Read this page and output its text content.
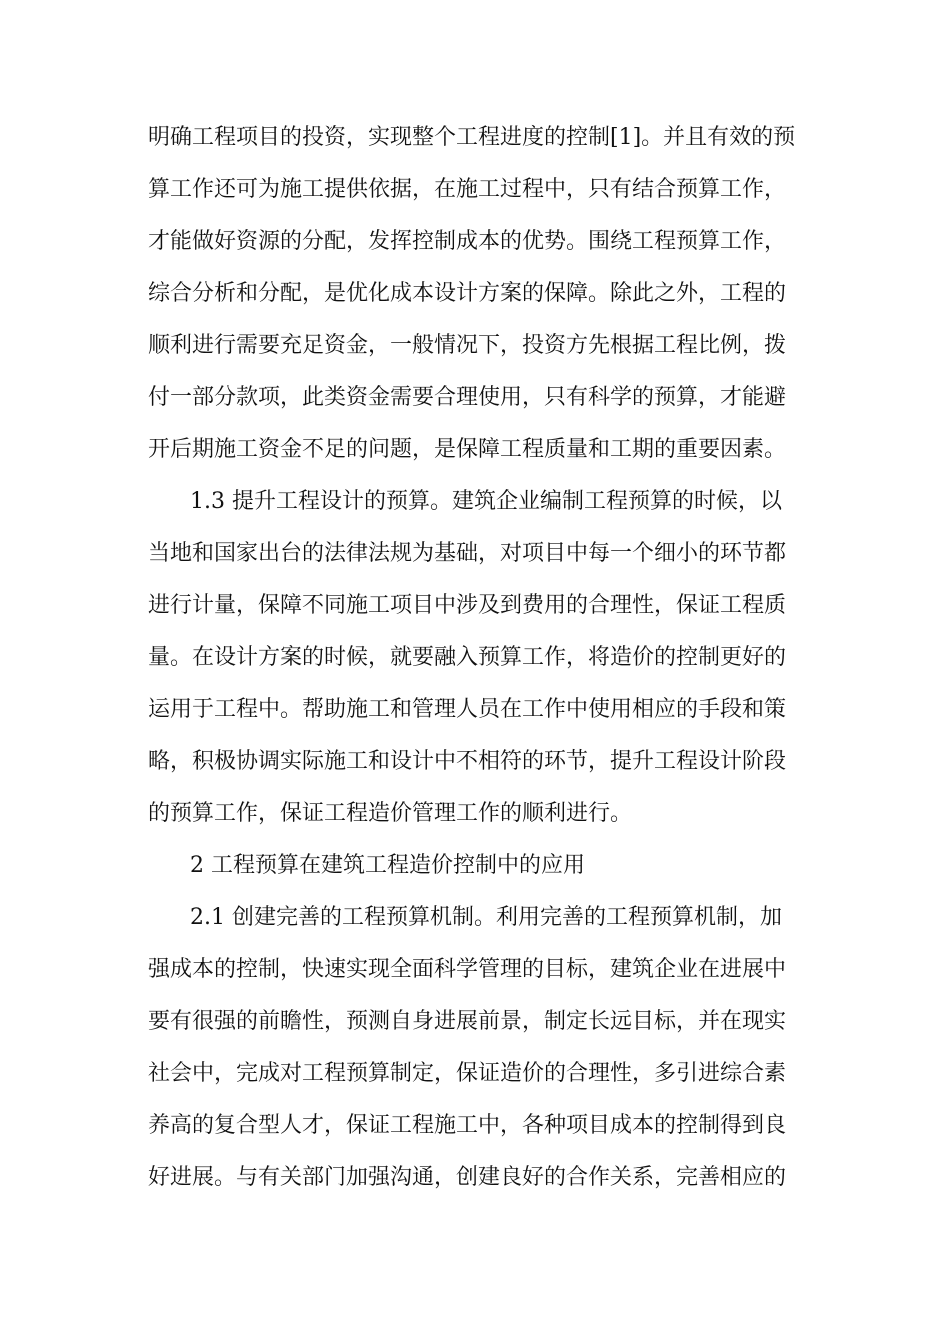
明确工程项目的投资，实现整个工程进度的控制[1]。并且有效的预
算工作还可为施工提供依据，在施工过程中，只有结合预算工作，
才能做好资源的分配，发挥控制成本的优势。围绕工程预算工作，
综合分析和分配，是优化成本设计方案的保障。除此之外，工程的
顺利进行需要充足资金，一般情况下，投资方先根据工程比例，拨
付一部分款项，此类资金需要合理使用，只有科学的预算，才能避
开后期施工资金不足的问题，是保障工程质量和工期的重要因素。
1.3 提升工程设计的预算。建筑企业编制工程预算的时候，以
当地和国家出台的法律法规为基础，对项目中每一个细小的环节都
进行计量，保障不同施工项目中涉及到费用的合理性，保证工程质
量。在设计方案的时候，就要融入预算工作，将造价的控制更好的
运用于工程中。帮助施工和管理人员在工作中使用相应的手段和策
略，积极协调实际施工和设计中不相符的环节，提升工程设计阶段
的预算工作，保证工程造价管理工作的顺利进行。
2 工程预算在建筑工程造价控制中的应用
2.1 创建完善的工程预算机制。利用完善的工程预算机制，加
强成本的控制，快速实现全面科学管理的目标，建筑企业在进展中
要有很强的前瞻性，预测自身进展前景，制定长远目标，并在现实
社会中，完成对工程预算制定，保证造价的合理性，多引进综合素
养高的复合型人才，保证工程施工中，各种项目成本的控制得到良
好进展。与有关部门加强沟通，创建良好的合作关系，完善相应的
